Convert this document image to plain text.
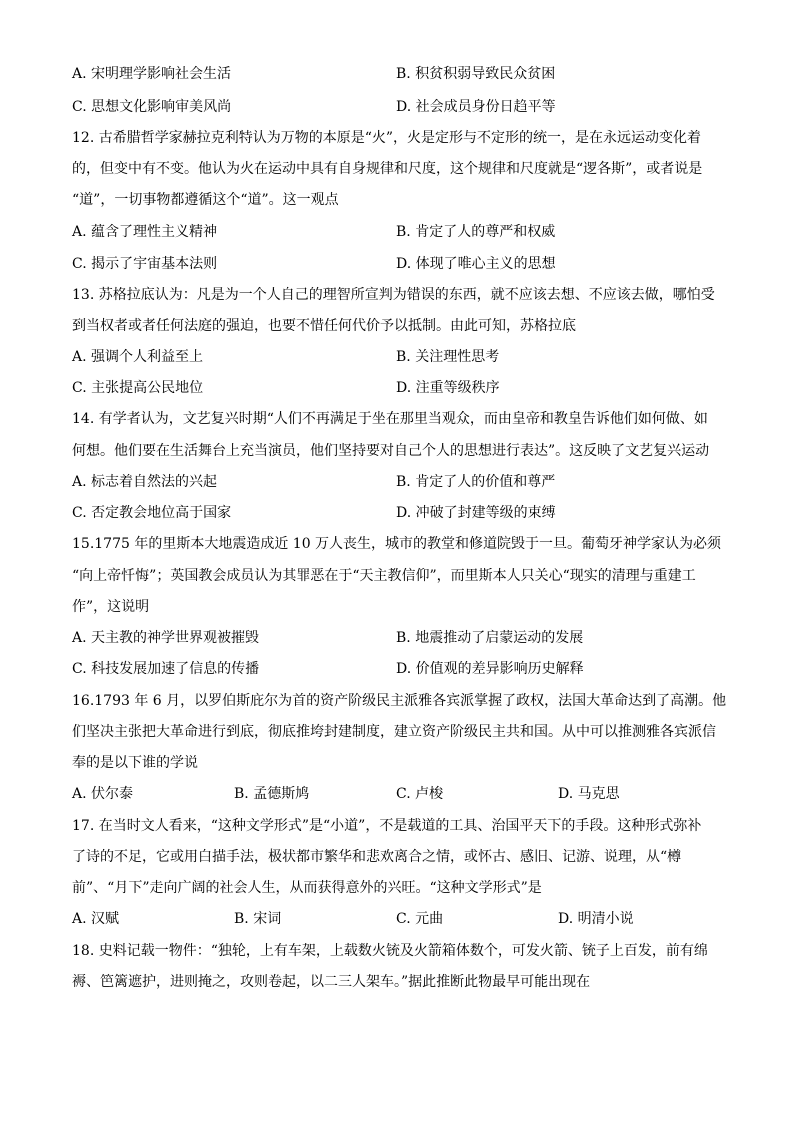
A. 宋明理学影响社会生活	B. 积贫积弱导致民众贫困
C. 思想文化影响审美风尚	D. 社会成员身份日趋平等
12. 古希腊哲学家赫拉克利特认为万物的本原是“火”，火是定形与不定形的统一，是在永远运动变化着
的，但变中有不变。他认为火在运动中具有自身规律和尺度，这个规律和尺度就是“逻各斯”，或者说是
“道”，一切事物都遵循这个“道”。这一观点
A. 蕴含了理性主义精神	B. 肯定了人的尊严和权威
C. 揭示了宇宙基本法则	D. 体现了唯心主义的思想
13. 苏格拉底认为：凡是为一个人自己的理智所宣判为错误的东西，就不应该去想、不应该去做，哪怕受
到当权者或者任何法庭的强迫，也要不惜任何代价予以抵制。由此可知，苏格拉底
A. 强调个人利益至上	B. 关注理性思考
C. 主张提高公民地位	D. 注重等级秩序
14. 有学者认为，文艺复兴时期“人们不再满足于坐在那里当观众，而由皇帝和教皇告诉他们如何做、如
何想。他们要在生活舞台上充当演员，他们坚持要对自己个人的思想进行表达”。这反映了文艺复兴运动
A. 标志着自然法的兴起	B. 肯定了人的价值和尊严
C. 否定教会地位高于国家	D. 冲破了封建等级的束缚
15.1775 年的里斯本大地震造成近 10 万人丧生，城市的教堂和修道院毁于一旦。葡萄牙神学家认为必须
“向上帝忏悔”；英国教会成员认为其罪恶在于“天主教信仰”，而里斯本人只关心“现实的清理与重建工
作”，这说明
A. 天主教的神学世界观被摧毁	B. 地震推动了启蒙运动的发展
C. 科技发展加速了信息的传播	D. 价值观的差异影响历史解释
16.1793 年 6 月，以罗伯斯庇尔为首的资产阶级民主派雅各宾派掌握了政权，法国大革命达到了高潮。他
们坚决主张把大革命进行到底，彻底推垮封建制度，建立资产阶级民主共和国。从中可以推测雅各宾派信
奉的是以下谁的学说
A. 伏尔泰	B. 孟德斯鸠	C. 卢梭	D. 马克思
17. 在当时文人看来，“这种文学形式”是“小道”，不是载道的工具、治国平天下的手段。这种形式弥补
了诗的不足，它或用白描手法，极状都市繁华和悲欢离合之情，或怀古、感旧、记游、说理，从“樽
前”、“月下”走向广阔的社会人生，从而获得意外的兴旺。“这种文学形式”是
A. 汉赋	B. 宋词	C. 元曲	D. 明清小说
18. 史料记载一物件：“独轮，上有车架，上载数火铳及火箭箱体数个，可发火箭、铳子上百发，前有绵
褥、笆篱遮护，进则掩之，攻则卷起，以二三人架车。”据此推断此物最早可能出现在
